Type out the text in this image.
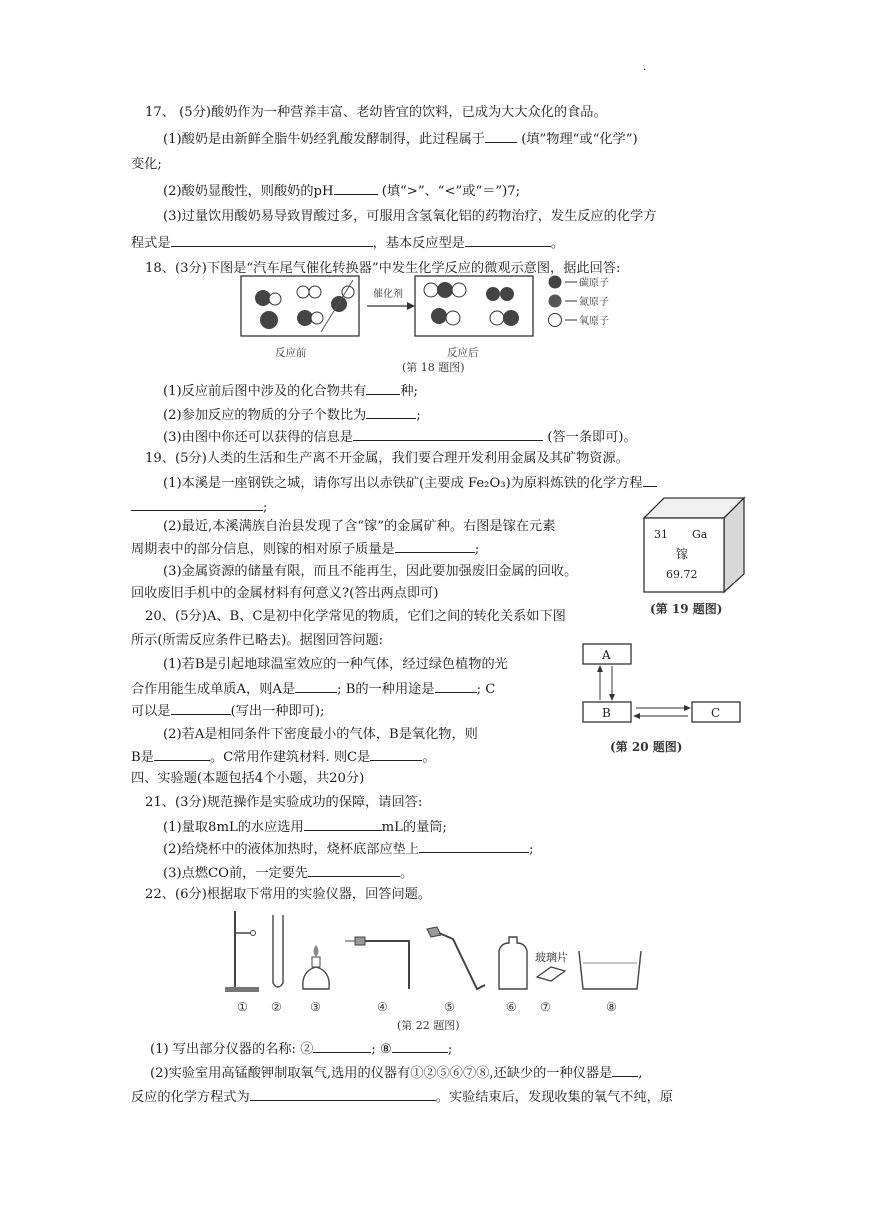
·
17、 (5分)酸奶作为一种营养丰富、老幼皆宜的饮料，已成为大大众化的食品。
(1)酸奶是由新鲜全脂牛奶经乳酸发酵制得，此过程属于	(填”物理“或“化学”)
变化;
(2)酸奶显酸性，则酸奶的pH	(填“>”、“<”或“＝”)7;
(3)过量饮用酸奶易导致胃酸过多，可服用含氢氧化铝的药物治疗，发生反应的化学方
程式是	，基本反应型是	。
18、(3分)下图是“汽车尾气催化转换器”中发生化学反应的微观示意图，据此回答:
催化剂
反应前	反应后
碳原子
氮原子
氧原子
(第 18 题图)
(1)反应前后图中涉及的化合物共有	种;
(2)参加反应的物质的分子个数比为	;
(3)由图中你还可以获得的信息是	(答一条即可)。
19、(5分)人类的生活和生产离不开金属，我们要合理开发利用金属及其矿物资源。
(1)本溪是一座钢铁之城，请你写出以赤铁矿(主要成 Fe₂O₃)为原料炼铁的化学方程
;
(2)最近,本溪满族自治县发现了含“镓”的金属矿种。右图是镓在元素
周期表中的部分信息，则镓的相对原子质量是	;
(3)金属资源的储量有限，而且不能再生，因此要加强废旧金属的回收。
回收废旧手机中的金属材料有何意义?(答出两点即可)
31 Ga
镓
69.72
(第 19 题图)
20、(5分)A、B、C是初中化学常见的物质，它们之间的转化关系如下图
所示(所需反应条件已略去)。据图回答问题:
(1)若B是引起地球温室效应的一种气体，经过绿色植物的光
合作用能生成单质A，则A是	; B的一种用途是	; C
可以是	(写出一种即可);
(2)若A是相同条件下密度最小的气体，B是氧化物，则
B是	。C常用作建筑材料. 则C是	。
A
B	C
(第 20 题图)
四、实验题(本题包括4个小题，共20分)
21、(3分)规范操作是实验成功的保障，请回答:
(1)量取8mL的水应选用	mL的量筒;
(2)给烧杯中的液体加热时，烧杯底部应垫上	;
(3)点燃CO前，一定要先	。
22、(6分)根据取下常用的实验仪器，回答问题。
玻璃片
① ② ③	④	⑤	⑥ ⑦	⑧
(第 22 题图)
(1) 写出部分仪器的名称: ②	; ⑧	;
(2)实验室用高锰酸钾制取氧气,选用的仪器有①②⑤⑥⑦⑧,还缺少的一种仪器是 ,
反应的化学方程式为	。实验结束后，发现收集的氧气不纯，原
